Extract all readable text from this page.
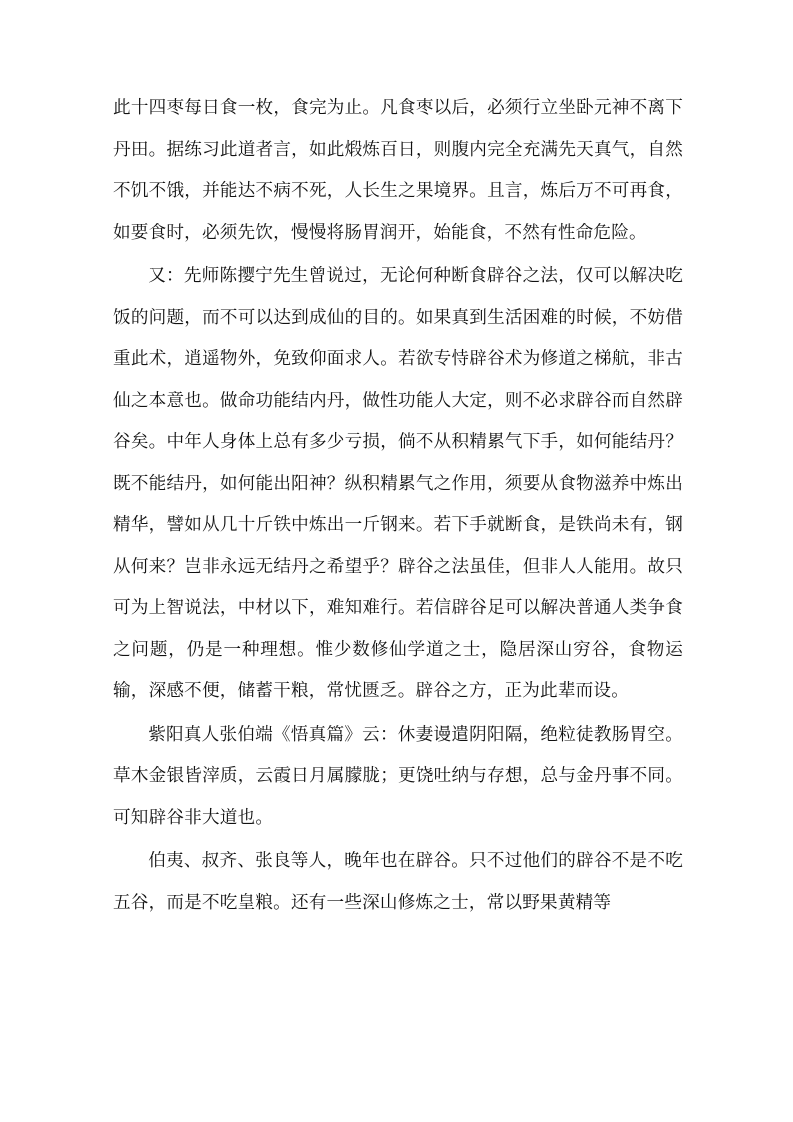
此十四枣每日食一枚，食完为止。凡食枣以后，必须行立坐卧元神不离下丹田。据练习此道者言，如此煅炼百日，则腹内完全充满先天真气，自然不饥不饿，并能达不病不死，人长生之果境界。且言，炼后万不可再食，如要食时，必须先饮，慢慢将肠胃润开，始能食，不然有性命危险。

又：先师陈撄宁先生曾说过，无论何种断食辟谷之法，仅可以解决吃饭的问题，而不可以达到成仙的目的。如果真到生活困难的时候，不妨借重此术，逍遥物外，免致仰面求人。若欲专恃辟谷术为修道之梯航，非古仙之本意也。做命功能结内丹，做性功能人大定，则不必求辟谷而自然辟谷矣。中年人身体上总有多少亏损，倘不从积精累气下手，如何能结丹？既不能结丹，如何能出阳神？纵积精累气之作用，须要从食物滋养中炼出精华，譬如从几十斤铁中炼出一斤钢来。若下手就断食，是铁尚未有，钢从何来？岂非永远无结丹之希望乎？辟谷之法虽佳，但非人人能用。故只可为上智说法，中材以下，难知难行。若信辟谷足可以解决普通人类争食之问题，仍是一种理想。惟少数修仙学道之士，隐居深山穷谷，食物运输，深感不便，储蓄干粮，常忧匮乏。辟谷之方，正为此辈而设。

紫阳真人张伯端《悟真篇》云：休妻谩遣阴阳隔，绝粒徒教肠胃空。草木金银皆滓质，云霞日月属朦胧；更饶吐纳与存想，总与金丹事不同。可知辟谷非大道也。

伯夷、叔齐、张良等人，晚年也在辟谷。只不过他们的辟谷不是不吃五谷，而是不吃皇粮。还有一些深山修炼之士，常以野果黄精等
